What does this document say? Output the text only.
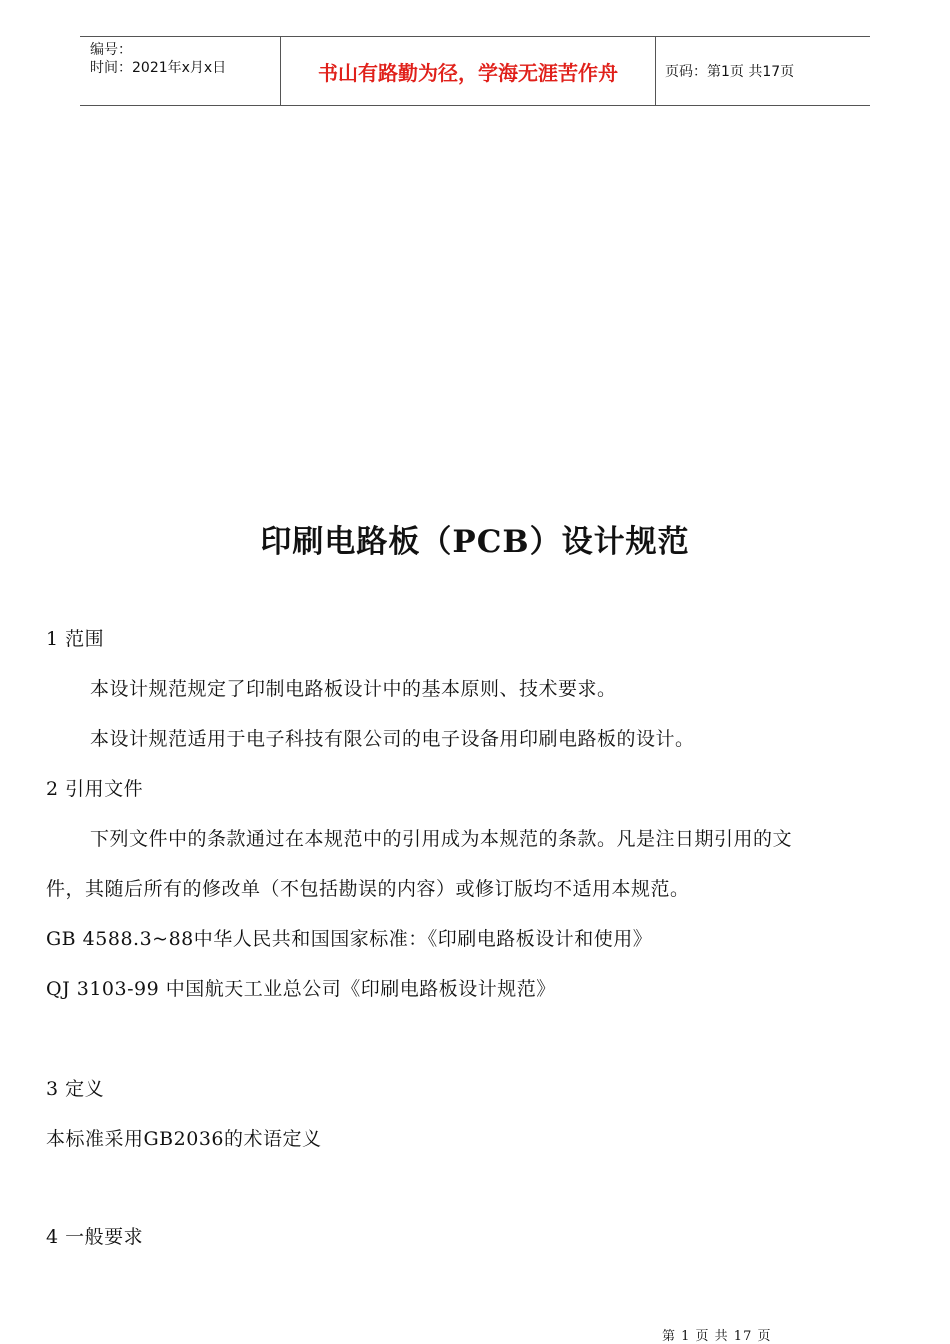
编号：
时间：2021年x月x日	书山有路勤为径，学海无涯苦作舟	页码：第1页 共17页
印刷电路板（PCB）设计规范
1 范围
本设计规范规定了印制电路板设计中的基本原则、技术要求。
本设计规范适用于电子科技有限公司的电子设备用印刷电路板的设计。
2 引用文件
下列文件中的条款通过在本规范中的引用成为本规范的条款。凡是注日期引用的文
件，其随后所有的修改单（不包括勘误的内容）或修订版均不适用本规范。
GB 4588.3~88中华人民共和国国家标准：《印刷电路板设计和使用》
QJ 3103-99 中国航天工业总公司《印刷电路板设计规范》
3 定义
本标准采用GB2036的术语定义
4 一般要求
第 1 页 共 17 页
